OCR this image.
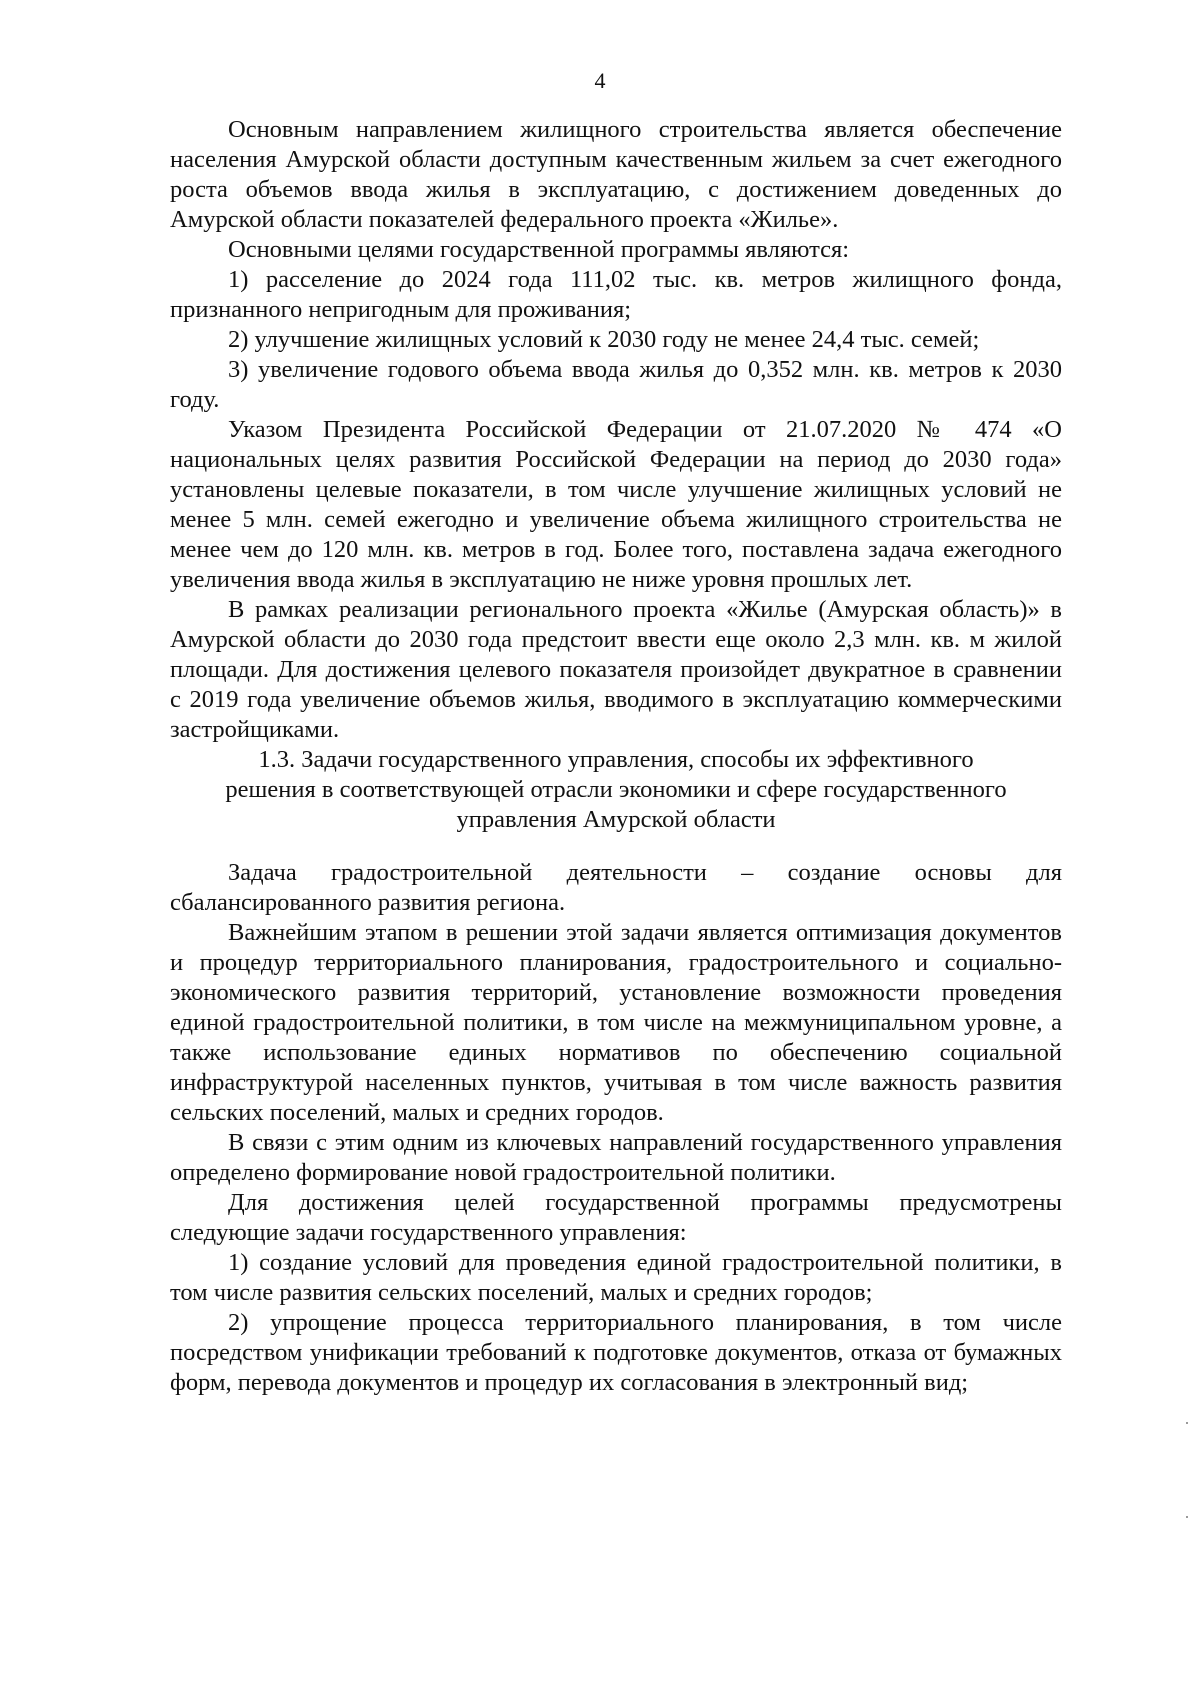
4

Основным направлением жилищного строительства является обеспечение населения Амурской области доступным качественным жильем за счет ежегодного роста объемов ввода жилья в эксплуатацию, с достижением доведенных до Амурской области показателей федерального проекта «Жилье».

Основными целями государственной программы являются:

1) расселение до 2024 года 111,02 тыс. кв. метров жилищного фонда, признанного непригодным для проживания;

2) улучшение жилищных условий к 2030 году не менее 24,4 тыс. семей;

3) увеличение годового объема ввода жилья до 0,352 млн. кв. метров к 2030 году.

Указом Президента Российской Федерации от 21.07.2020 № 474 «О национальных целях развития Российской Федерации на период до 2030 года» установлены целевые показатели, в том числе улучшение жилищных условий не менее 5 млн. семей ежегодно и увеличение объема жилищного строительства не менее чем до 120 млн. кв. метров в год. Более того, поставлена задача ежегодного увеличения ввода жилья в эксплуатацию не ниже уровня прошлых лет.

В рамках реализации регионального проекта «Жилье (Амурская область)» в Амурской области до 2030 года предстоит ввести еще около 2,3 млн. кв. м жилой площади. Для достижения целевого показателя произойдет двукратное в сравнении с 2019 года увеличение объемов жилья, вводимого в эксплуатацию коммерческими застройщиками.

1.3. Задачи государственного управления, способы их эффективного
решения в соответствующей отрасли экономики и сфере государственного
управления Амурской области

Задача градостроительной деятельности – создание основы для сбалансированного развития региона.

Важнейшим этапом в решении этой задачи является оптимизация документов и процедур территориального планирования, градостроительного и социально-экономического развития территорий, установление возможности проведения единой градостроительной политики, в том числе на межмуниципальном уровне, а также использование единых нормативов по обеспечению социальной инфраструктурой населенных пунктов, учитывая в том числе важность развития сельских поселений, малых и средних городов.

В связи с этим одним из ключевых направлений государственного управления определено формирование новой градостроительной политики.

Для достижения целей государственной программы предусмотрены следующие задачи государственного управления:

1) создание условий для проведения единой градостроительной политики, в том числе развития сельских поселений, малых и средних городов;

2) упрощение процесса территориального планирования, в том числе посредством унификации требований к подготовке документов, отказа от бумажных форм, перевода документов и процедур их согласования в электронный вид;
